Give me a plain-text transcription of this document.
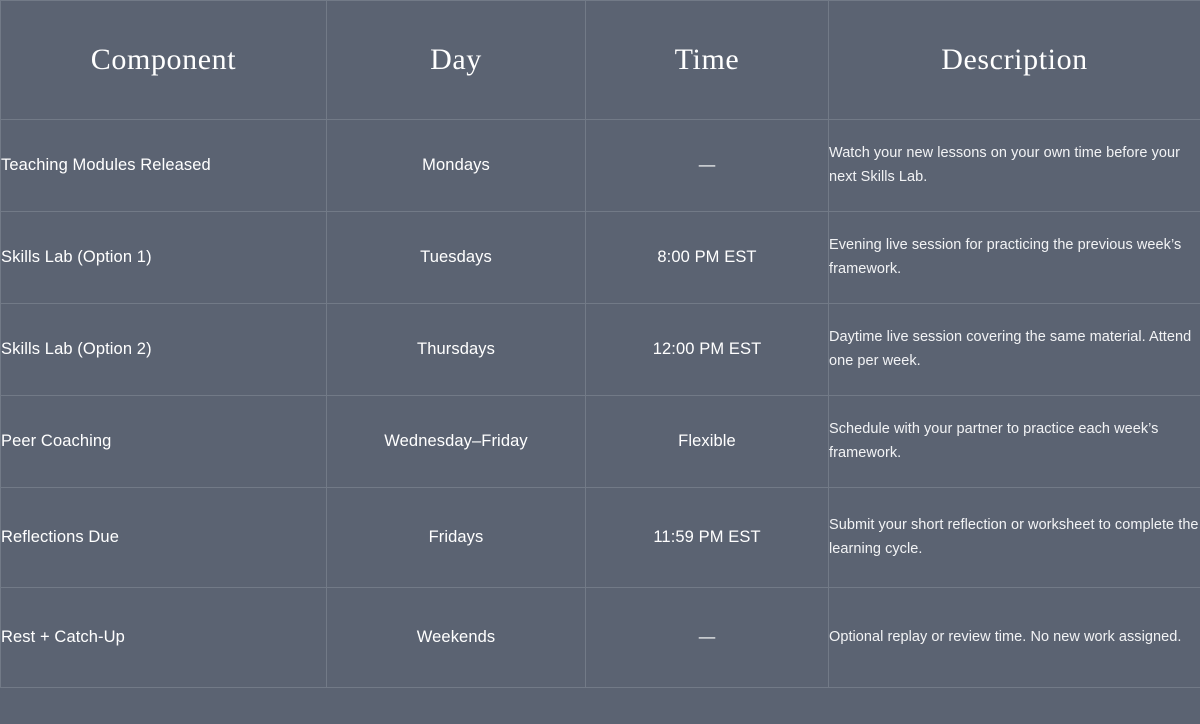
Component	Day	Time	Description
Teaching Modules Released	Mondays	—	Watch your new lessons on your own time before your next Skills Lab.
Skills Lab (Option 1)	Tuesdays	8:00 PM EST	Evening live session for practicing the previous week’s framework.
Skills Lab (Option 2)	Thursdays	12:00 PM EST	Daytime live session covering the same material. Attend one per week.
Peer Coaching	Wednesday–Friday	Flexible	Schedule with your partner to practice each week’s framework.
Reflections Due	Fridays	11:59 PM EST	Submit your short reflection or worksheet to complete the learning cycle.
Rest + Catch-Up	Weekends	—	Optional replay or review time. No new work assigned.
